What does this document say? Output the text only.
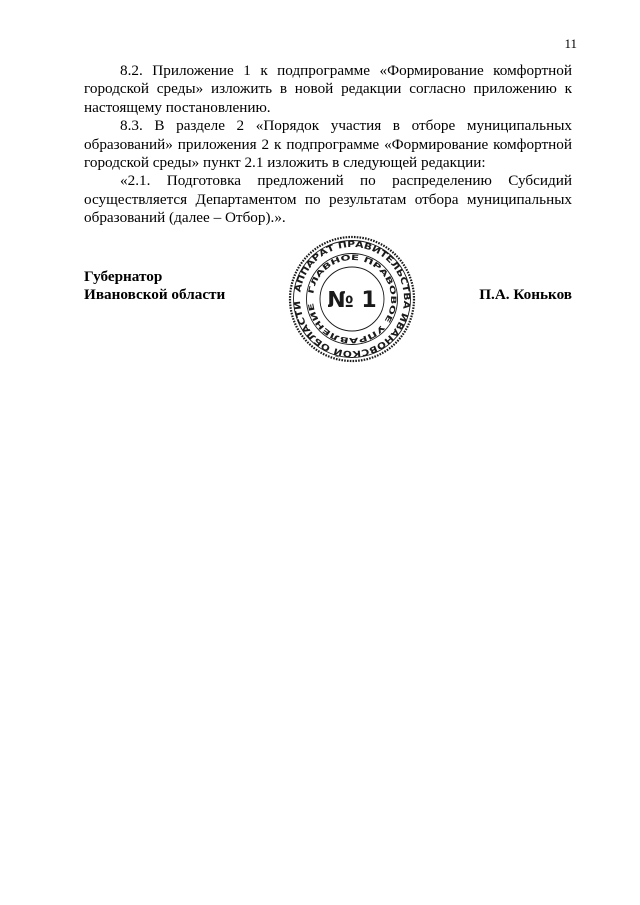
11

8.2. Приложение 1 к подпрограмме «Формирование комфортной городской среды» изложить в новой редакции согласно приложению к настоящему постановлению.

8.3. В разделе 2 «Порядок участия в отборе муниципальных образований» приложения 2 к подпрограмме «Формирование комфортной городской среды» пункт 2.1 изложить в следующей редакции:

«2.1. Подготовка предложений по распределению Субсидий осуществляется Департаментом по результатам отбора муниципальных образований (далее – Отбор).».

Губернатор
Ивановской области	П.А. Коньков
АППАРАТ ПРАВИТЕЛЬСТВА ИВАНОВСКОЙ ОБЛАСТИ
ГЛАВНОЕ ПРАВОВОЕ УПРАВЛЕНИЕ № 1
